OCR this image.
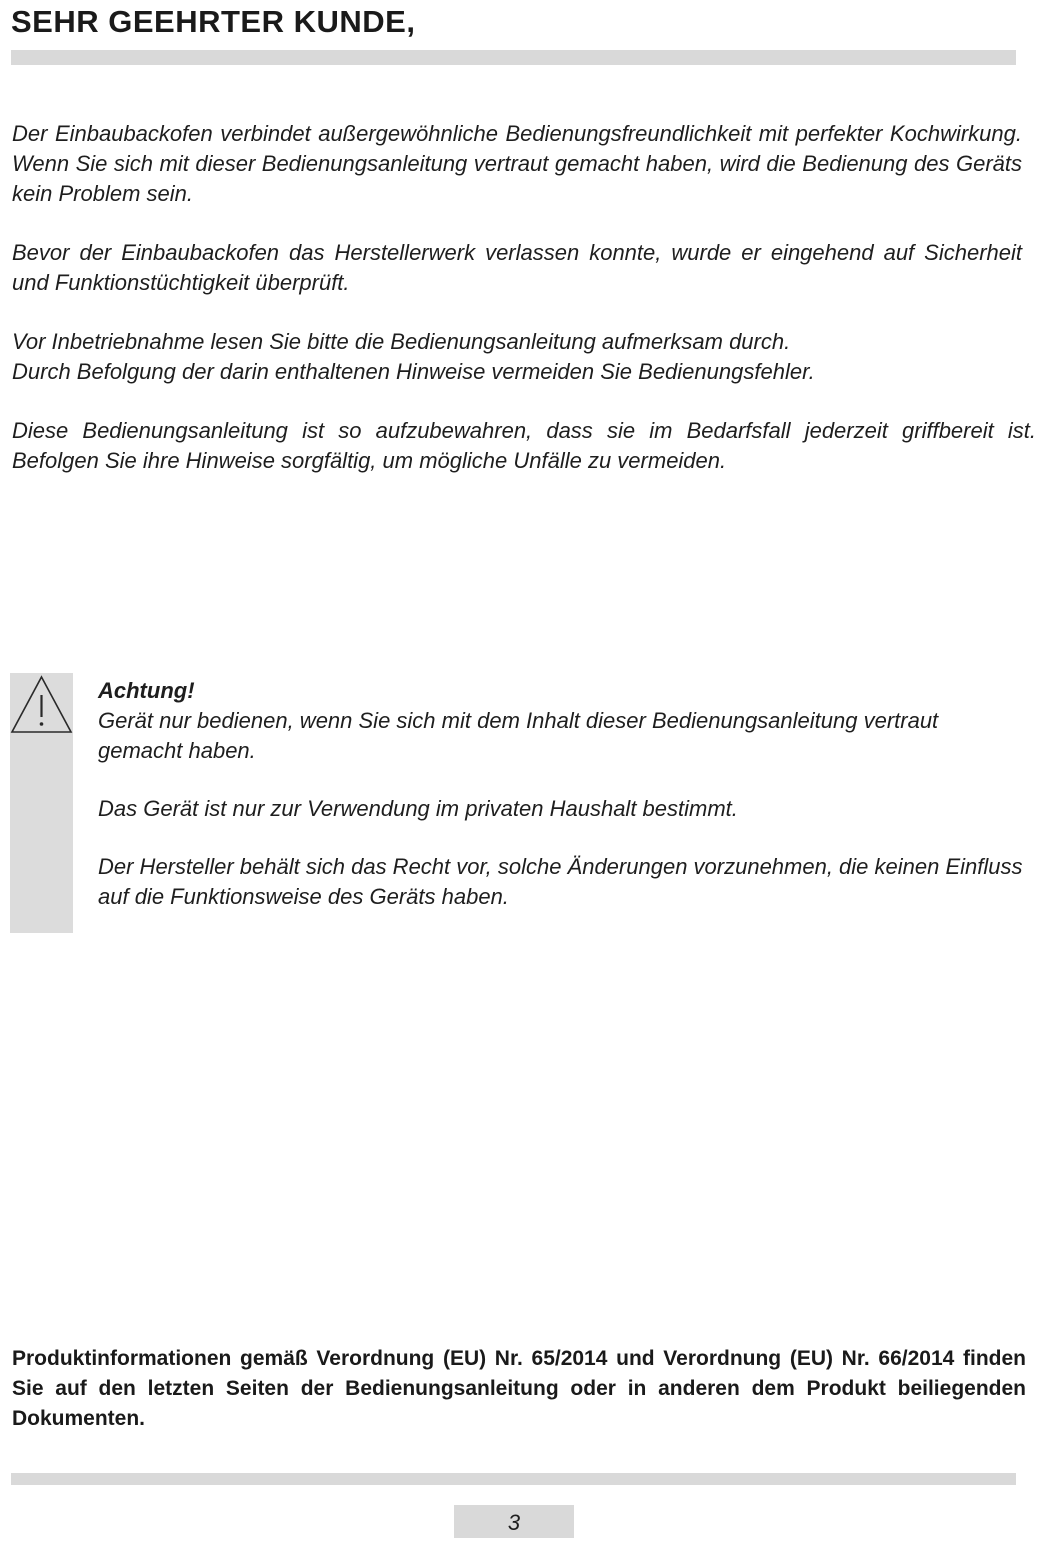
SEHR GEEHRTER KUNDE,

Der Einbaubackofen verbindet außergewöhnliche Bedienungsfreundlichkeit mit perfekter Kochwirkung. Wenn Sie sich mit dieser Bedienungsanleitung vertraut gemacht haben, wird die Bedienung des Geräts kein Problem sein.

Bevor der Einbaubackofen das Herstellerwerk verlassen konnte, wurde er eingehend auf Sicherheit und Funktionstüchtigkeit überprüft.

Vor Inbetriebnahme lesen Sie bitte die Bedienungsanleitung aufmerksam durch.
Durch Befolgung der darin enthaltenen Hinweise vermeiden Sie Bedienungsfehler.

Diese Bedienungsanleitung ist so aufzubewahren, dass sie im Bedarfsfall jederzeit griffbereit ist. Befolgen Sie ihre Hinweise sorgfältig, um mögliche Unfälle zu vermeiden.

Achtung!

Gerät nur bedienen, wenn Sie sich mit dem Inhalt dieser Bedienungsanleitung vertraut gemacht haben.

Das Gerät ist nur zur Verwendung im privaten Haushalt bestimmt.

Der Hersteller behält sich das Recht vor, solche Änderungen vorzunehmen, die keinen Einfluss auf die Funktionsweise des Geräts haben.

Produktinformationen gemäß Verordnung (EU) Nr. 65/2014 und Verordnung (EU) Nr. 66/2014 finden Sie auf den letzten Seiten der Bedienungsanleitung oder in anderen dem Produkt beiliegenden Dokumenten.

3
